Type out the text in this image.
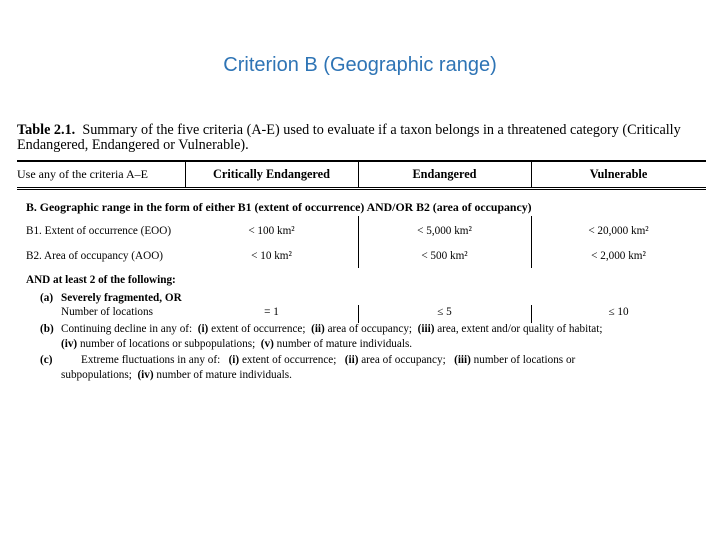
Criterion B (Geographic range)
Table 2.1. Summary of the five criteria (A-E) used to evaluate if a taxon belongs in a threatened category (Critically Endangered, Endangered or Vulnerable).
Use any of the criteria A–E	Critically Endangered	Endangered	Vulnerable
B. Geographic range in the form of either B1 (extent of occurrence) AND/OR B2 (area of occupancy)
B1. Extent of occurrence (EOO)	< 100 km²	< 5,000 km²	< 20,000 km²
B2. Area of occupancy (AOO)	< 10 km²	< 500 km²	< 2,000 km²
AND at least 2 of the following:
(a) Severely fragmented, OR
Number of locations	= 1	≤ 5	≤ 10
(b) Continuing decline in any of: (i) extent of occurrence; (ii) area of occupancy; (iii) area, extent and/or quality of habitat;
(iv) number of locations or subpopulations; (v) number of mature individuals.
(c)	Extreme fluctuations in any of: (i) extent of occurrence; (ii) area of occupancy; (iii) number of locations or
subpopulations; (iv) number of mature individuals.
